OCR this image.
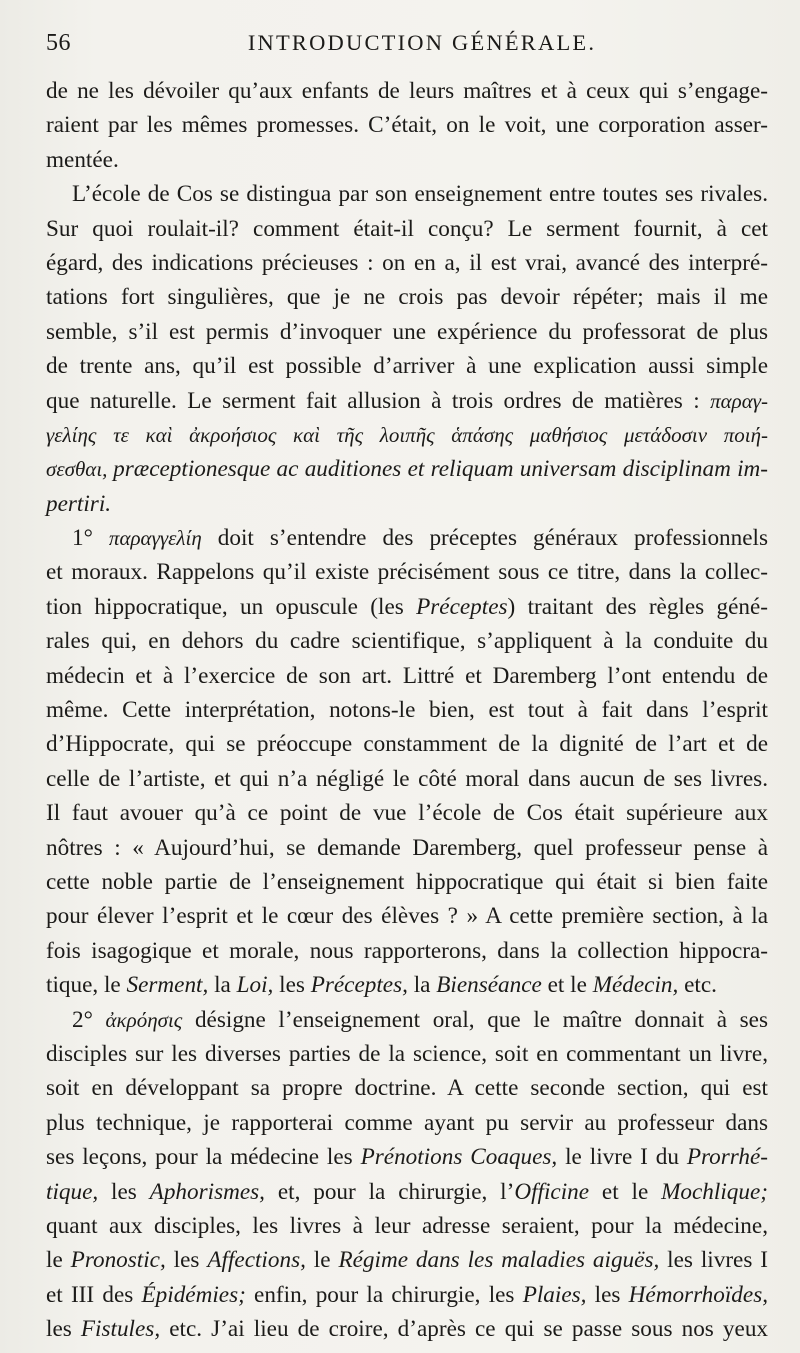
56	INTRODUCTION GÉNÉRALE.
de ne les dévoiler qu’aux enfants de leurs maîtres et à ceux qui s’engage-
raient par les mêmes promesses. C’était, on le voit, une corporation asser-
mentée.
L’école de Cos se distingua par son enseignement entre toutes ses rivales.
Sur quoi roulait-il? comment était-il conçu? Le serment fournit, à cet
égard, des indications précieuses : on en a, il est vrai, avancé des interpré-
tations fort singulières, que je ne crois pas devoir répéter; mais il me
semble, s’il est permis d’invoquer une expérience du professorat de plus
de trente ans, qu’il est possible d’arriver à une explication aussi simple
que naturelle. Le serment fait allusion à trois ordres de matières : παραγ-
γελίης τε καὶ ἀκροήσιος καὶ τῆς λοιπῆς ἁπάσης μαθήσιος μετάδοσιν ποιή-
σεσθαι, præceptionesque ac auditiones et reliquam universam disciplinam im-
pertiri.
1° παραγγελίη doit s’entendre des préceptes généraux professionnels
et moraux. Rappelons qu’il existe précisément sous ce titre, dans la collec-
tion hippocratique, un opuscule (les Préceptes) traitant des règles géné-
rales qui, en dehors du cadre scientifique, s’appliquent à la conduite du
médecin et à l’exercice de son art. Littré et Daremberg l’ont entendu de
même. Cette interprétation, notons-le bien, est tout à fait dans l’esprit
d’Hippocrate, qui se préoccupe constamment de la dignité de l’art et de
celle de l’artiste, et qui n’a négligé le côté moral dans aucun de ses livres.
Il faut avouer qu’à ce point de vue l’école de Cos était supérieure aux
nôtres : « Aujourd’hui, se demande Daremberg, quel professeur pense à
cette noble partie de l’enseignement hippocratique qui était si bien faite
pour élever l’esprit et le cœur des élèves ? » A cette première section, à la
fois isagogique et morale, nous rapporterons, dans la collection hippocra-
tique, le Serment, la Loi, les Préceptes, la Bienséance et le Médecin, etc.
2° ἀκρόησις désigne l’enseignement oral, que le maître donnait à ses
disciples sur les diverses parties de la science, soit en commentant un livre,
soit en développant sa propre doctrine. A cette seconde section, qui est
plus technique, je rapporterai comme ayant pu servir au professeur dans
ses leçons, pour la médecine les Prénotions Coaques, le livre I du Prorrhé-
tique, les Aphorismes, et, pour la chirurgie, l’Officine et le Mochlique;
quant aux disciples, les livres à leur adresse seraient, pour la médecine,
le Pronostic, les Affections, le Régime dans les maladies aiguës, les livres I
et III des Épidémies; enfin, pour la chirurgie, les Plaies, les Hémorrhoïdes,
les Fistules, etc. J’ai lieu de croire, d’après ce qui se passe sous nos yeux
